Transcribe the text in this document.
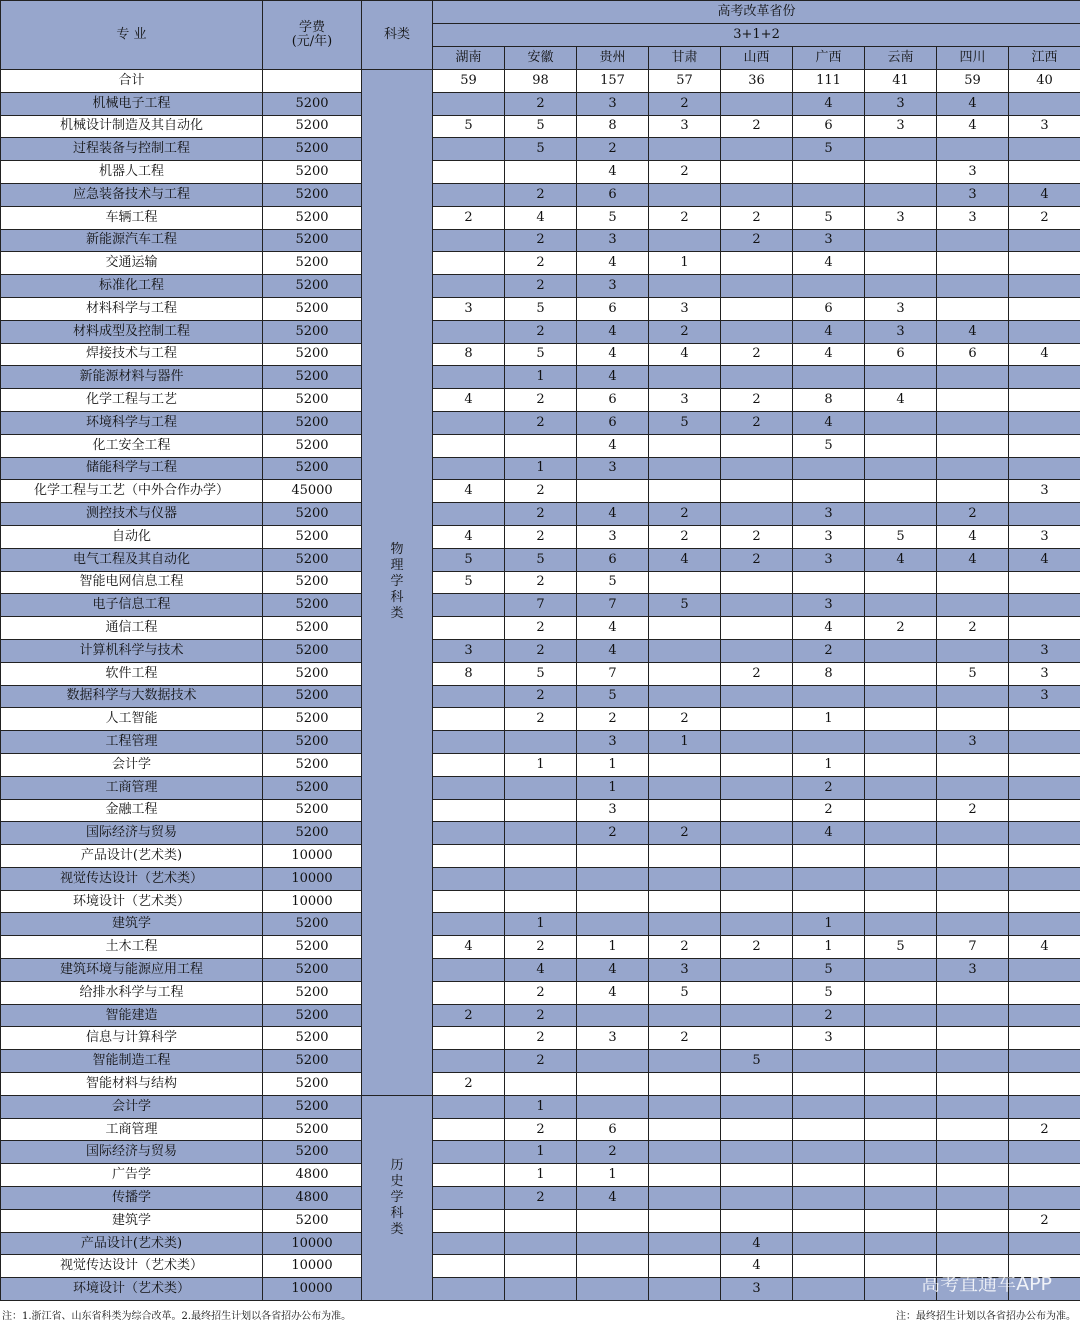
专 业	学费
(元/年)	科类	高考改革省份								
			3+1+2								
			湖南	安徽	贵州	甘肃	山西	广西	云南	四川	江西
合计		物理学科类	59	98	157	57	36	111	41	59	40
机械电子工程	5200			2	3	2		4	3	4	
机械设计制造及其自动化	5200		5	5	8	3	2	6	3	4	3
过程装备与控制工程	5200			5	2			5			
机器人工程	5200				4	2				3	
应急装备技术与工程	5200			2	6					3	4
车辆工程	5200		2	4	5	2	2	5	3	3	2
新能源汽车工程	5200			2	3		2	3			
交通运输	5200			2	4	1		4			
标准化工程	5200			2	3						
材料科学与工程	5200		3	5	6	3		6	3		
材料成型及控制工程	5200			2	4	2		4	3	4	
焊接技术与工程	5200		8	5	4	4	2	4	6	6	4
新能源材料与器件	5200			1	4						
化学工程与工艺	5200		4	2	6	3	2	8	4		
环境科学与工程	5200			2	6	5	2	4			
化工安全工程	5200				4			5			
储能科学与工程	5200			1	3						
化学工程与工艺（中外合作办学）	45000		4	2							3
测控技术与仪器	5200			2	4	2		3		2	
自动化	5200		4	2	3	2	2	3	5	4	3
电气工程及其自动化	5200		5	5	6	4	2	3	4	4	4
智能电网信息工程	5200		5	2	5						
电子信息工程	5200			7	7	5		3			
通信工程	5200			2	4			4	2	2	
计算机科学与技术	5200		3	2	4			2			3
软件工程	5200		8	5	7		2	8		5	3
数据科学与大数据技术	5200			2	5						3
人工智能	5200			2	2	2		1			
工程管理	5200				3	1				3	
会计学	5200			1	1			1			
工商管理	5200				1			2			
金融工程	5200				3			2		2	
国际经济与贸易	5200				2	2		4			
产品设计(艺术类)	10000										
视觉传达设计（艺术类）	10000										
环境设计（艺术类）	10000										
建筑学	5200			1				1			
土木工程	5200		4	2	1	2	2	1	5	7	4
建筑环境与能源应用工程	5200			4	4	3		5		3	
给排水科学与工程	5200			2	4	5		5			
智能建造	5200		2	2				2			
信息与计算科学	5200			2	3	2		3			
智能制造工程	5200			2			5				
智能材料与结构	5200		2								
会计学	5200	历史学科类		1							
工商管理	5200			2	6						2
国际经济与贸易	5200			1	2						
广告学	4800			1	1						
传播学	4800			2	4						
建筑学	5200										2
产品设计(艺术类)	10000						4				
视觉传达设计（艺术类）	10000						4				
环境设计（艺术类）	10000						3				
注：1.浙江省、山东省科类为综合改革。2.最终招生计划以各省招办公布为准。	注：最终招生计划以各省招办公布为准。
高考直通车APP
